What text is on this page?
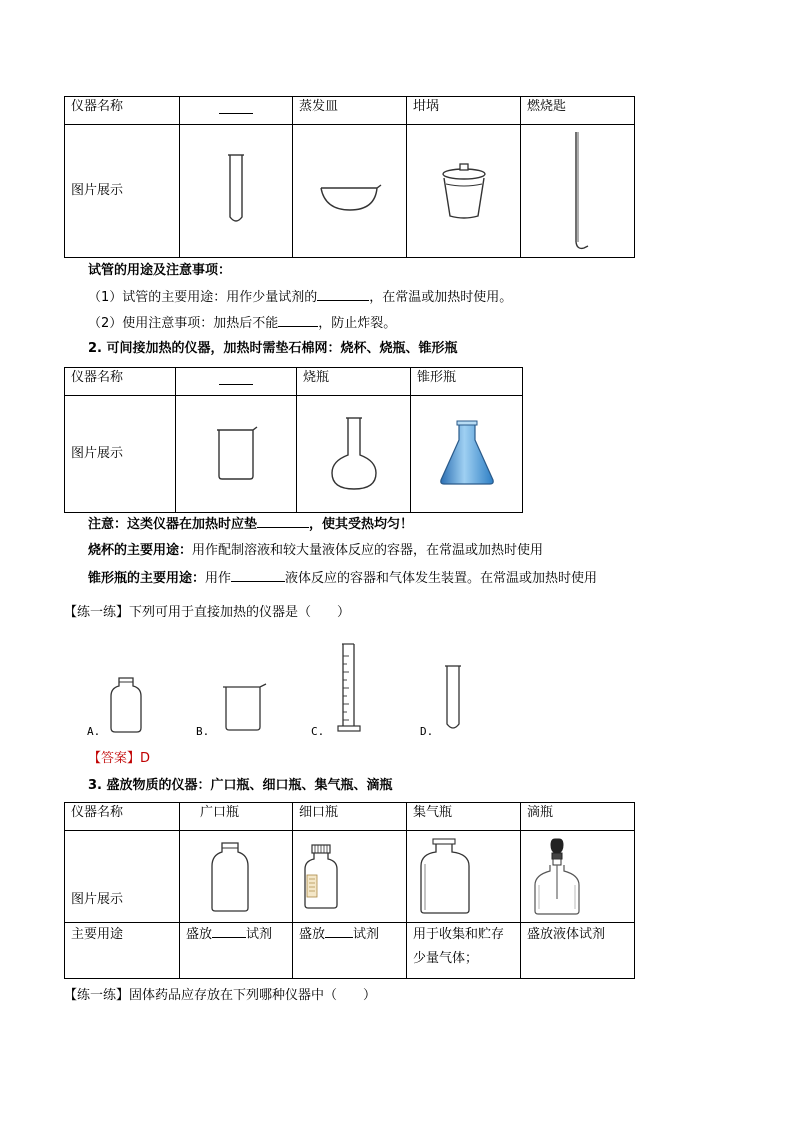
仪器名称		蒸发皿	坩埚	燃烧匙
图片展示	

试管的用途及注意事项：
（1）试管的主要用途：用作少量试剂的	，在常温或加热时使用。
（2）使用注意事项：加热后不能	，防止炸裂。
2. 可间接加热的仪器，加热时需垫石棉网：烧杯、烧瓶、锥形瓶
仪器名称		烧瓶	锥形瓶
图片展示	

注意：这类仪器在加热时应垫	，使其受热均匀！
烧杯的主要用途：用作配制溶液和较大量液体反应的容器，在常温或加热时使用
锥形瓶的主要用途：用作	液体反应的容器和气体发生装置。在常温或加热时使用
【练一练】下列可用于直接加热的仪器是（　　）
A.	B.	C.	D.
【答案】D
3. 盛放物质的仪器：广口瓶、细口瓶、集气瓶、滴瓶
仪器名称	广口瓶	细口瓶	集气瓶	滴瓶
图片展示	

主要用途	盛放 试剂	盛放 试剂	用于收集和贮存少量气体；	盛放液体试剂
【练一练】固体药品应存放在下列哪种仪器中（　　）
